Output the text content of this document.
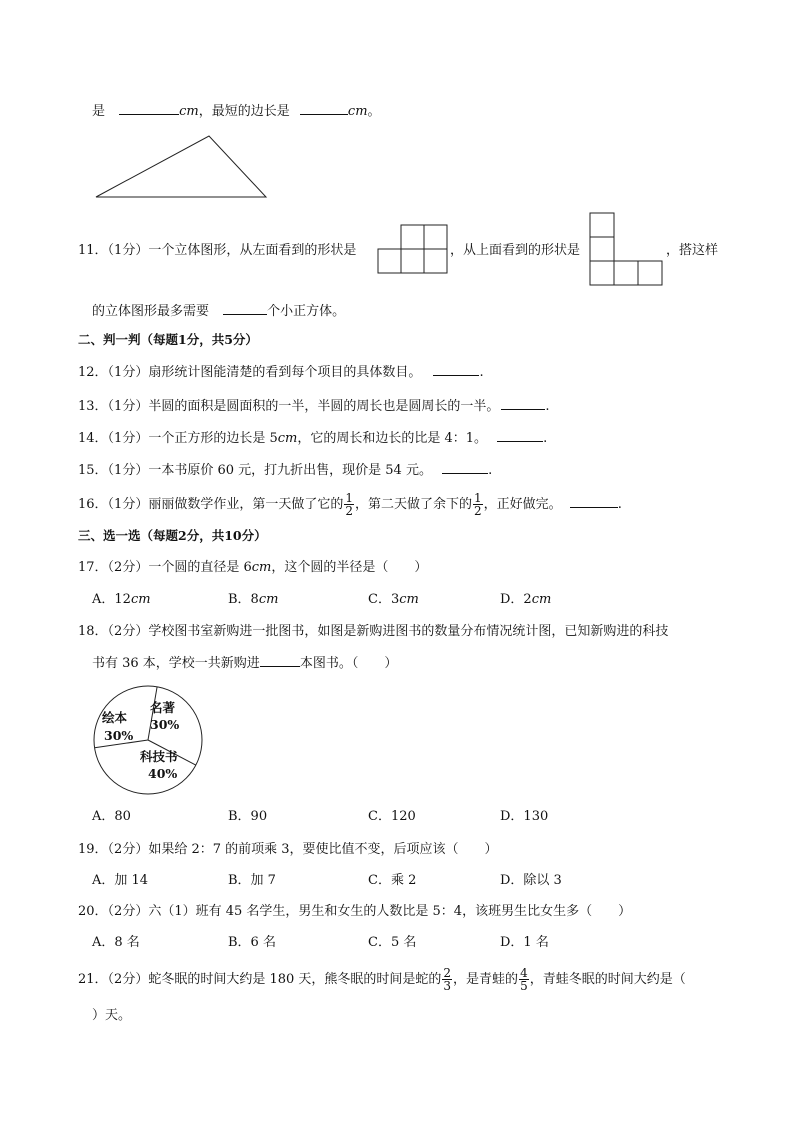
是	cm，最短的边长是	cm。
11．（1分）一个立体图形，从左面看到的形状是	，从上面看到的形状是	，搭这样
的立体图形最多需要	个小正方体。
二、判一判（每题1分，共5分）
12．（1分）扇形统计图能清楚的看到每个项目的具体数目。	.
13．（1分）半圆的面积是圆面积的一半，半圆的周长也是圆周长的一半。	.
14．（1分）一个正方形的边长是 5cm，它的周长和边长的比是 4：1。	.
15．（1分）一本书原价 60 元，打九折出售，现价是 54 元。	.
16．（1分）丽丽做数学作业，第一天做了它的 $\frac{1}{2}$ ，第二天做了余下的 $\frac{1}{2}$ ，正好做完。	.
三、选一选（每题2分，共10分）
17．（2分）一个圆的直径是 6cm，这个圆的半径是（　　）
A．12cm	B．8cm	C．3cm	D．2cm
18．（2分）学校图书室新购进一批图书，如图是新购进图书的数量分布情况统计图，已知新购进的科技
书有 36 本，学校一共新购进	本图书。（　　）
名著
30%
绘本
30%
科技书
40%
A．80	B．90	C．120	D．130
19．（2分）如果给 2：7 的前项乘 3，要使比值不变，后项应该（　　）
A．加 14	B．加 7	C．乘 2	D．除以 3
20．（2分）六（1）班有 45 名学生，男生和女生的人数比是 5：4，该班男生比女生多（　　）
A．8 名	B．6 名	C．5 名	D．1 名
21．（2分）蛇冬眠的时间大约是 180 天，熊冬眠的时间是蛇的 $\frac{2}{3}$ ，是青蛙的 $\frac{4}{5}$ ，青蛙冬眠的时间大约是（
）天。
